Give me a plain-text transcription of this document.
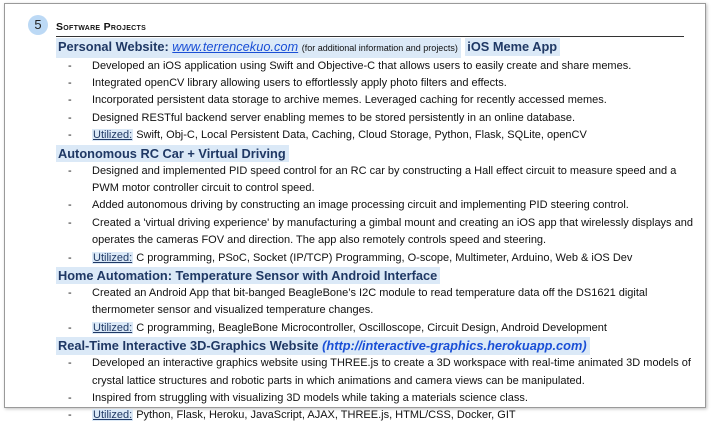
5	Software Projects
Personal Website: www.terrencekuo.com (for additional information and projects) iOS Meme App
- Developed an iOS application using Swift and Objective-C that allows users to easily create and share memes.
- Integrated openCV library allowing users to effortlessly apply photo filters and effects.
- Incorporated persistent data storage to archive memes. Leveraged caching for recently accessed memes.
- Designed RESTful backend server enabling memes to be stored persistently in an online database.
- Utilized: Swift, Obj-C, Local Persistent Data, Caching, Cloud Storage, Python, Flask, SQLite, openCV
Autonomous RC Car + Virtual Driving
- Designed and implemented PID speed control for an RC car by constructing a Hall effect circuit to measure speed and a PWM motor controller circuit to control speed.
- Added autonomous driving by constructing an image processing circuit and implementing PID steering control.
- Created a 'virtual driving experience' by manufacturing a gimbal mount and creating an iOS app that wirelessly displays and operates the cameras FOV and direction. The app also remotely controls speed and steering.
- Utilized: C programming, PSoC, Socket (IP/TCP) Programming, O-scope, Multimeter, Arduino, Web & iOS Dev
Home Automation: Temperature Sensor with Android Interface
- Created an Android App that bit-banged BeagleBone’s I2C module to read temperature data off the DS1621 digital thermometer sensor and visualized temperature changes.
- Utilized: C programming, BeagleBone Microcontroller, Oscilloscope, Circuit Design, Android Development
Real-Time Interactive 3D-Graphics Website (http://interactive-graphics.herokuapp.com)
- Developed an interactive graphics website using THREE.js to create a 3D workspace with real-time animated 3D models of crystal lattice structures and robotic parts in which animations and camera views can be manipulated.
- Inspired from struggling with visualizing 3D models while taking a materials science class.
- Utilized: Python, Flask, Heroku, JavaScript, AJAX, THREE.js, HTML/CSS, Docker, GIT
